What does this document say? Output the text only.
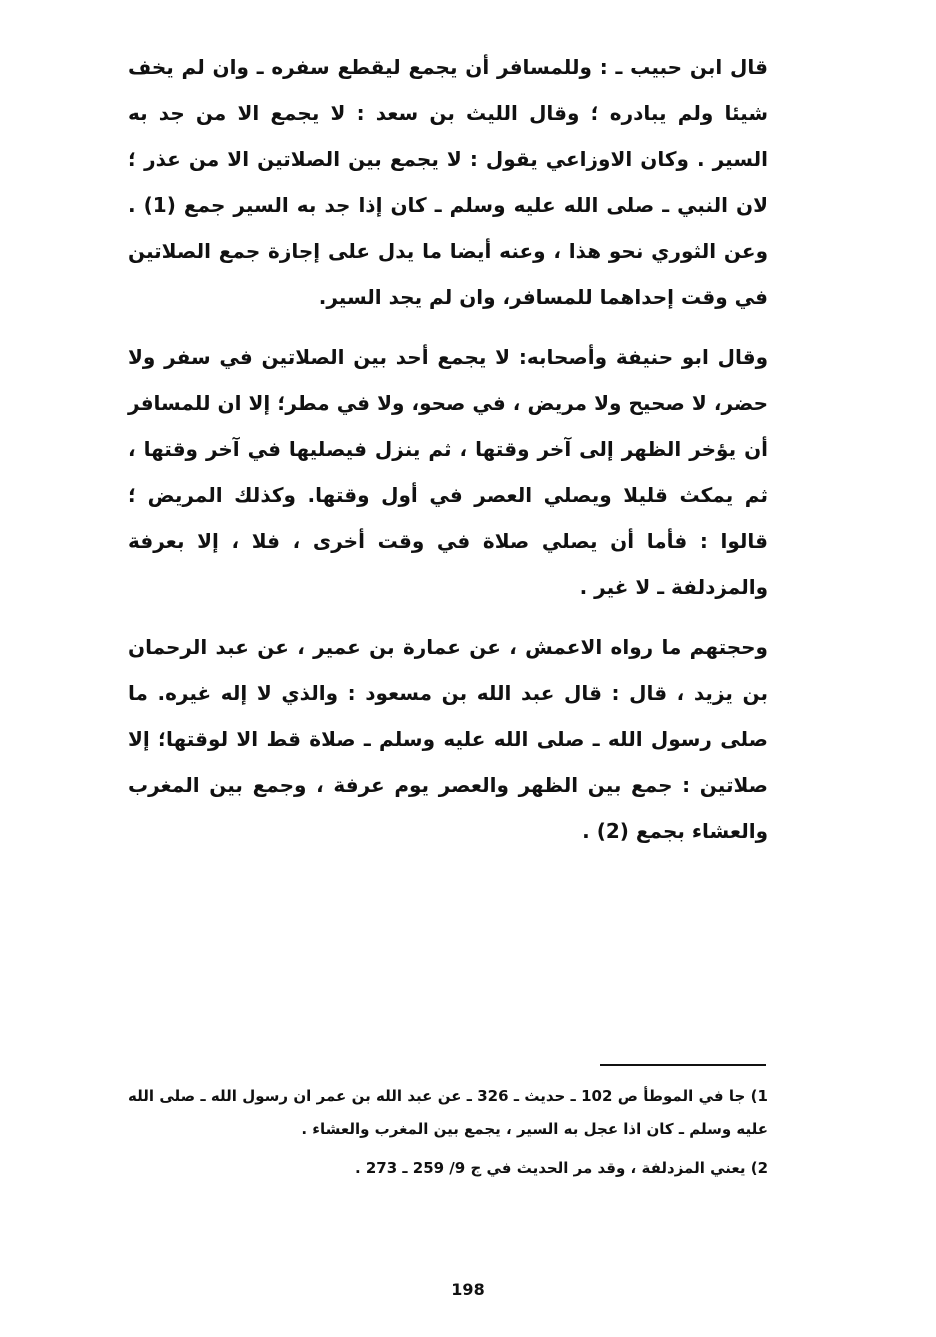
قال ابن حبيب ـ : وللمسافر أن يجمع ليقطع سفره ـ وان لم يخف شيئا ولم يبادره ؛ وقال الليث بن سعد : لا يجمع الا من جد به السير . وكان الاوزاعي يقول : لا يجمع بين الصلاتين الا من عذر ؛ لان النبي ـ صلى الله عليه وسلم ـ كان إذا جد به السير جمع (1) . وعن الثوري نحو هذا ، وعنه أيضا ما يدل على إجازة جمع الصلاتين في وقت إحداهما للمسافر، وان لم يجد السير.

وقال ابو حنيفة وأصحابه: لا يجمع أحد بين الصلاتين في سفر ولا حضر، لا صحيح ولا مريض ، في صحو، ولا في مطر؛ إلا ان للمسافر أن يؤخر الظهر إلى آخر وقتها ، ثم ينزل فيصليها في آخر وقتها ، ثم يمكث قليلا ويصلي العصر في أول وقتها. وكذلك المريض ؛ قالوا : فأما أن يصلي صلاة في وقت أخرى ، فلا ، إلا بعرفة والمزدلفة ـ لا غير .

وحجتهم ما رواه الاعمش ، عن عمارة بن عمير ، عن عبد الرحمان بن يزيد ، قال : قال عبد الله بن مسعود : والذي لا إله غيره. ما صلى رسول الله ـ صلى الله عليه وسلم ـ صلاة قط الا لوقتها؛ إلا صلاتين : جمع بين الظهر والعصر يوم عرفة ، وجمع بين المغرب والعشاء بجمع (2) .

1) جا في الموطأ ص 102 ـ حديث ـ 326 ـ عن عبد الله بن عمر ان رسول الله ـ صلى الله عليه وسلم ـ كان اذا عجل به السير ، يجمع بين المغرب والعشاء .

2) يعني المزدلفة ، وقد مر الحديث في ج 9/ 259 ـ 273 .

198
